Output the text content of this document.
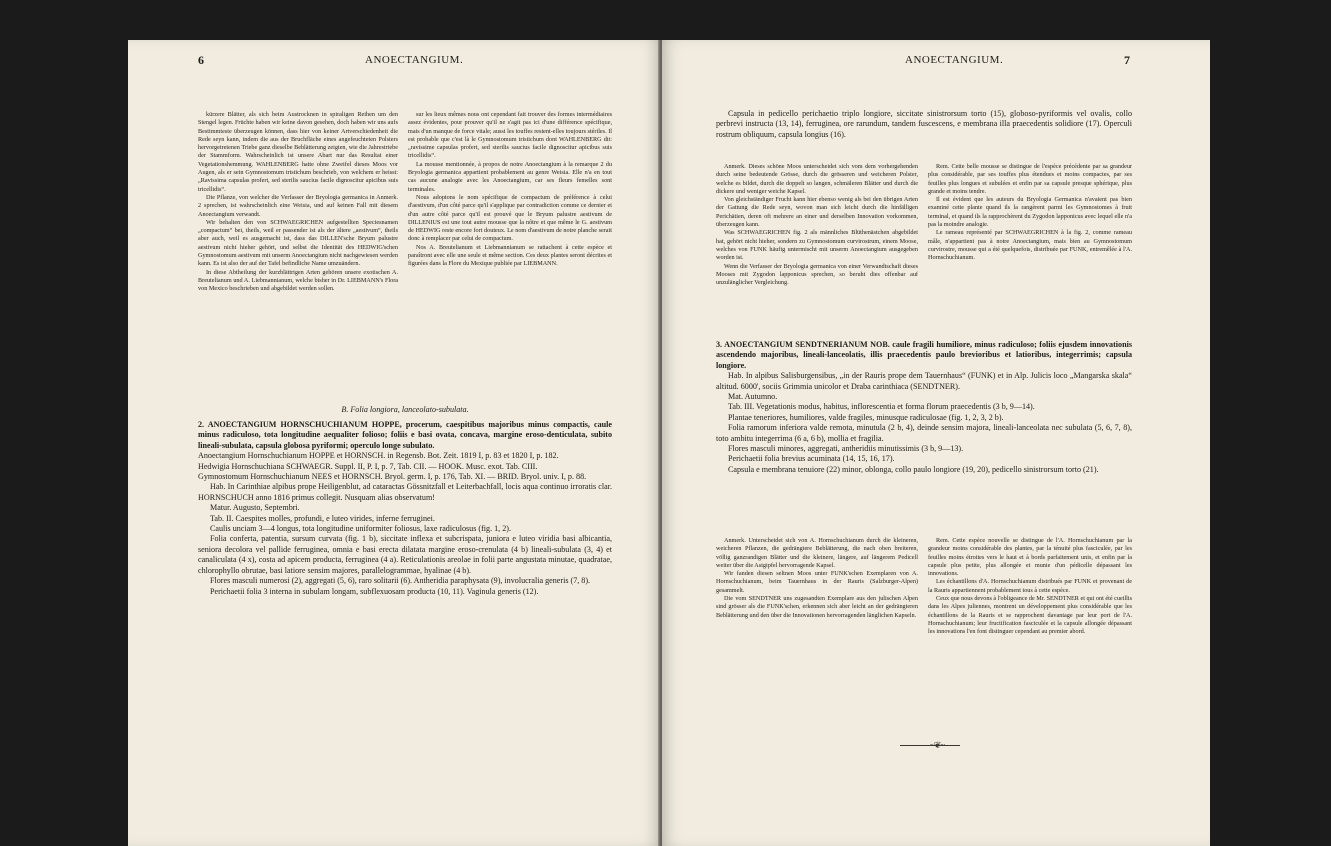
6	ANOECTANGIUM.

kürzere Blätter, als sich beim Austrocknen in spiraligen Reihen um den Stengel legen. Früchte haben wir keine davon gesehen, doch haben wir uns aufs Bestimmteste überzeugen können, dass hier von keiner Artverschiedenheit die Rede seyn kann, indem die aus der Bruchfläche eines angefeuchteten Polsters hervorgetretenen Triebe ganz dieselbe Beblätterung zeigten, wie die Jahrestriebe der Stammform. Wahrscheinlich ist unsere Abart nur das Resultat einer Vegetationshemmung. WAHLENBERG hatte ohne Zweifel dieses Moos vor Augen, als er sein Gymnostomum tristichum beschrieb, von welchem er heisst: „Ravissima capsulas profert, sed sterilis saucius facile dignoscitur apicibus suis tricellidis“.

Die Pflanze, von welcher die Verfasser der Bryologia germanica in Anmerk. 2 sprechen, ist wahrscheinlich eine Weisia, und auf keinen Fall mit diesem Anoectangium verwandt.

Wir behalten den von SCHWAEGRICHEN aufgestellten Speciesnamen „compactum“ bei, theils, weil er passender ist als der ältere „aestivum“, theils aber auch, weil es ausgemacht ist, dass das DILLEN'sche Bryum palustre aestivum nicht hieher gehört, und selbst die Identität des HEDWIG'schen Gymnostomum aestivum mit unserm Anoectangium nicht nachgewiesen werden kann. Es ist also der auf der Tafel befindliche Name umzuändern.

In diese Abtheilung der kurzblättrigen Arten gehören unsere exotischen A. Breutelianum und A. Liebmannianum, welche bisher in Dr. LIEBMANN's Flora von Mexico beschrieben und abgebildet werden sollen.

sur les lieux mêmes nous ont cependant fait trouver des formes intermédiaires assez évidentes, pour prouver qu'il ne s'agit pas ici d'une différence spécifique, mais d'un manque de force vitale; aussi les touffes restent-elles toujours stériles. Il est probable que c'est là le Gymnostomum tristichum dont WAHLENBERG dit: „ravissime capsulas profert, sed sterilis saucius facile dignoscitur apicibus suis tricellidis“.

La mousse mentionnée, à propos de notre Anoectangium à la remarque 2 du Bryologia germanica appartient probablement au genre Weisia. Elle n'a en tout cas aucune analogie avec les Anoectangium, car ses fleurs femelles sont terminales.

Nous adoptons le nom spécifique de compactum de préférence à celui d'aestivum, d'un côté parce qu'il s'applique par contradiction comme ce dernier et d'un autre côté parce qu'il est prouvé que le Bryum palustre aestivum de DILLENIUS est une tout autre mousse que la nôtre et que même le G. aestivum de HEDWIG reste encore fort douteux. Le nom d'aestivum de notre planche serait donc à remplacer par celui de compactum.

Nos A. Breutelianum et Liebmannianum se rattachent à cette espèce et paraîtront avec elle une seule et même section. Ces deux plantes seront décrites et figurées dans la Flore du Mexique publiée par LIEBMANN.

B. Folia longiora, lanceolato-subulata.

2. ANOECTANGIUM HORNSCHUCHIANUM HOPPE, procerum, caespitibus majoribus minus compactis, caule minus radiculoso, tota longitudine aequaliter folioso; foliis e basi ovata, concava, margine eroso-denticulata, subito lineali-subulata, capsula globosa pyriformi; operculo longe subulato.

Anoectangium Hornschuchianum HOPPE et HORNSCH. in Regensb. Bot. Zeit. 1819 I, p. 83 et 1820 I, p. 182.

Hedwigia Hornschuchiana SCHWAEGR. Suppl. II, P. I, p. 7, Tab. CII. — HOOK. Musc. exot. Tab. CIII.

Gymnostomum Hornschuchianum NEES et HORNSCH. Bryol. germ. I, p. 176, Tab. XI. — BRID. Bryol. univ. I, p. 88.

Hab. In Carinthiae alpibus prope Heiligenblut, ad cataractas Gössnitzfall et Leiterbachfall, locis aqua continuo irroratis clar. HORNSCHUCH anno 1816 primus collegit. Nusquam alias observatum!

Matur. Augusto, Septembri.

Tab. II. Caespites molles, profundi, e luteo virides, inferne ferruginei.

Caulis unciam 3—4 longus, tota longitudine uniformiter foliosus, laxe radiculosus (fig. 1, 2).

Folia conferta, patentia, sursum curvata (fig. 1 b), siccitate inflexa et subcrispata, juniora e luteo viridia basi albicantia, seniora decolora vel pallide ferruginea, omnia e basi erecta dilatata margine eroso-crenulata (4 b) lineali-subulata (3, 4) et canaliculata (4 x), costa ad apicem producta, ferruginea (4 a). Reticulationis areolae in folii parte angustata minutae, quadratae, chlorophyllo obrutae, basi latiore sensim majores, parallelogrammae, hyalinae (4 b).

Flores masculi numerosi (2), aggregati (5, 6), raro solitarii (6). Antheridia paraphysata (9), involucralia generis (7, 8).

Perichaetii folia 3 interna in subulam longam, subflexuosam producta (10, 11). Vaginula generis (12).

ANOECTANGIUM.	7

Capsula in pedicello perichaetio triplo longiore, siccitate sinistrorsum torto (15), globoso-pyriformis vel ovalis, collo perbrevi instructa (13, 14), ferruginea, ore rarundum, tandem fuscescens, e membrana illa praecedentis solidiore (17). Operculi rostrum obliquum, capsula longius (16).

Anmerk. Dieses schöne Moos unterscheidet sich vom dem vorhergehenden durch seine bedeutende Grösse, durch die grösseren und weicheren Polster, welche es bildet, durch die doppelt so langen, schmäleren Blätter und durch die dickere und weniger weiche Kapsel.

Von gleichständiger Frucht kann hier ebenso wenig als bei den übrigen Arten der Gattung die Rede seyn, wovon man sich leicht durch die hinfälligen Perichätien, deren oft mehrere an einer und derselben Innovation vorkommen, überzeugen kann.

Was SCHWAEGRICHEN fig. 2 als männliches Blüthenästchen abgebildet hat, gehört nicht hieher, sondern zu Gymnostomum curvirostrum, einem Moose, welches von FUNK häufig untermischt mit unserm Anoectangium ausgegeben worden ist.

Wenn die Verfasser der Bryologia germanica von einer Verwandtschaft dieses Mooses mit Zygodon lapponicus sprechen, so beruht dies offenbar auf unzulänglicher Vergleichung.

Rem. Cette belle mousse se distingue de l'espèce précédente par sa grandeur plus considérable, par ses touffes plus étendues et moins compactes, par ses feuilles plus longues et subulées et enfin par sa capsule presque sphérique, plus grande et moins tendre.

Il est évident que les auteurs du Bryologia Germanica n'avaient pas bien examiné cette plante quand ils la rangèrent parmi les Gymnostomes à fruit terminal, et quand ils la rapprochèrent du Zygodon lapponicus avec lequel elle n'a pas la moindre analogie.

Le rameau représenté par SCHWAEGRICHEN à la fig. 2, comme rameau mâle, n'appartient pas à notre Anoectangium, mais bien au Gymnostomum curvirostre, mousse qui a été quelquefois, distribuée par FUNK, entremêlée à l'A. Hornschuchianum.

3. ANOECTANGIUM SENDTNERIANUM NOB. caule fragili humiliore, minus radiculoso; foliis ejusdem innovationis ascendendo majoribus, lineali-lanceolatis, illis praecedentis paulo brevioribus et latioribus, integerrimis; capsula longiore.

Hab. In alpibus Salisburgensibus, „in der Rauris prope dem Tauernhaus“ (FUNK) et in Alp. Julicis loco „Mangarska skala“ altitud. 6000', sociis Grimmia unicolor et Draba carinthiaca (SENDTNER).

Mat. Autumno.

Tab. III. Vegetationis modus, habitus, inflorescentia et forma florum praecedentis (3 b, 9—14).

Plantae teneriores, humiliores, valde fragiles, minusque radiculosae (fig. 1, 2, 3, 2 b).

Folia ramorum inferiora valde remota, minutula (2 b, 4), deinde sensim majora, lineali-lanceolata nec subulata (5, 6, 7, 8), toto ambitu integerrima (6 a, 6 b), mollia et fragilia.

Flores masculi minores, aggregati, antheridiis minutissimis (3 b, 9—13).

Perichaetii folia brevius acuminata (14, 15, 16, 17).

Capsula e membrana tenuiore (22) minor, oblonga, collo paulo longiore (19, 20), pedicello sinistrorsum torto (21).

Anmerk. Unterscheidet sich von A. Hornschuchianum durch die kleineren, weicheren Pflanzen, die gedrängtere Beblätterung, die nach oben breiteren, völlig ganzrandigen Blätter und die kleinere, längere, auf längerem Pedicell weiter über die Astgipfel hervorragende Kapsel.

Wir fanden diesen seltnen Moos unter FUNK'schen Exemplaren von A. Hornschuchianum, beim Tauernhaus in der Rauris (Salzburger-Alpen) gesammelt.

Die vom SENDTNER uns zugesandten Exemplare aus den julischen Alpen sind grösser als die FUNK'schen, erkennen sich aber leicht an der gedrängteren Beblätterung und den über die Innovationen hervorragenden länglichen Kapseln.

Rem. Cette espèce nouvelle se distingue de l'A. Hornschuchianum par la grandeur moins considérable des plantes, par la ténuité plus fasciculée, par les feuilles moins étroites vers le haut et à bords parfaitement unis, et enfin par la capsule plus petite, plus allongée et munie d'un pédicelle dépassant les innovations.

Les échantillons d'A. Hornschuchianum distribués par FUNK et provenant de la Rauris appartiennent probablement tous à cette espèce.

Ceux que nous devons à l'obligeance de Mr. SENDTNER et qui ont été cueillis dans les Alpes juliennes, montrent un développement plus considérable que les échantillons de la Rauris et se rapprochent davantage par leur port de l'A. Hornschuchianum; leur fructification fasciculée et la capsule allongée dépassant les innovations l'en font distinguer cependant au premier abord.

~❦~
